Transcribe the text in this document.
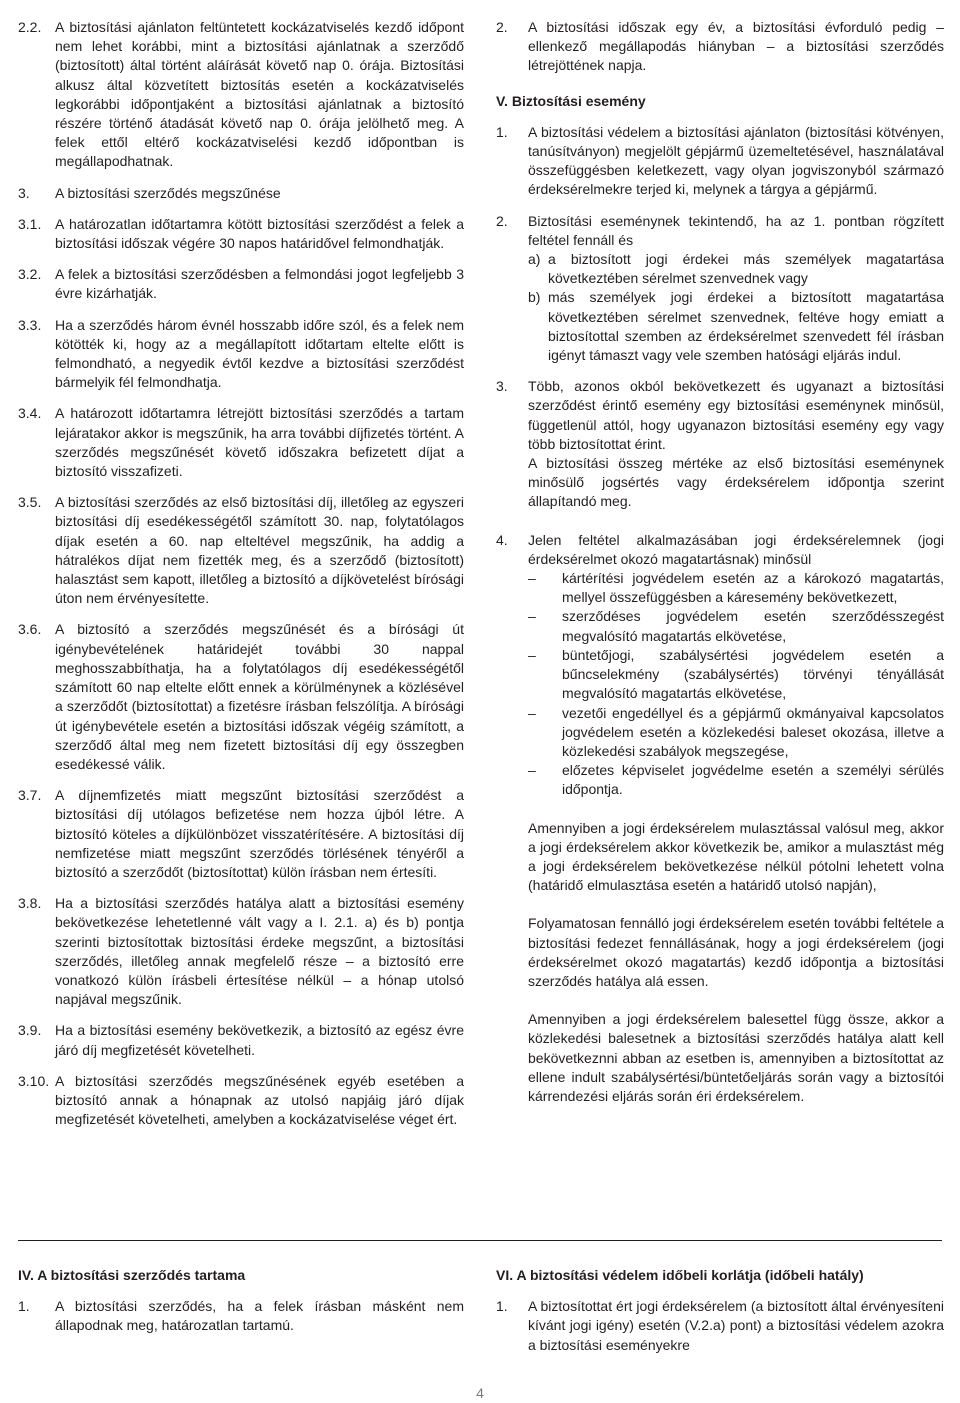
2.2. A biztosítási ajánlaton feltüntetett kockázatviselés kezdő időpont nem lehet korábbi, mint a biztosítási ajánlatnak a szerződő (biztosított) által történt aláírását követő nap 0. órája. Biztosítási alkusz által közvetített biztosítás esetén a kockázatviselés legkorábbi időpontjaként a biztosítási ajánlatnak a biztosító részére történő átadását követő nap 0. órája jelölhető meg. A felek ettől eltérő kockázatviselési kezdő időpontban is megállapodhatnak.
3.	A biztosítási szerződés megszűnése
3.1. A határozatlan időtartamra kötött biztosítási szerződést a felek a biztosítási időszak végére 30 napos határidővel felmondhatják.
3.2. A felek a biztosítási szerződésben a felmondási jogot legfeljebb 3 évre kizárhatják.
3.3. Ha a szerződés három évnél hosszabb időre szól, és a felek nem kötötték ki, hogy az a megállapított időtartam eltelte előtt is felmondható, a negyedik évtől kezdve a biztosítási szerződést bármelyik fél felmondhatja.
3.4. A határozott időtartamra létrejött biztosítási szerződés a tartam lejáratakor akkor is megszűnik, ha arra további díjfizetés történt. A szerződés megszűnését követő időszakra befizetett díjat a biztosító visszafizeti.
3.5. A biztosítási szerződés az első biztosítási díj, illetőleg az egyszeri biztosítási díj esedékességétől számított 30. nap, folytatólagos díjak esetén a 60. nap elteltével megszűnik, ha addig a hátralékos díjat nem fizették meg, és a szerződő (biztosított) halasztást sem kapott, illetőleg a biztosító a díjkövetelést bírósági úton nem érvényesítette.
3.6. A biztosító a szerződés megszűnését és a bírósági út igénybevételének határidejét további 30 nappal meghosszabbíthatja, ha a folytatólagos díj esedékességétől számított 60 nap eltelte előtt ennek a körülménynek a közlésével a szerződőt (biztosítottat) a fizetésre írásban felszólítja. A bírósági út igénybevétele esetén a biztosítási időszak végéig számított, a szerződő által meg nem fizetett biztosítási díj egy összegben esedékessé válik.
3.7. A díjnemfizetés miatt megszűnt biztosítási szerződést a biztosítási díj utólagos befizetése nem hozza újból létre. A biztosító köteles a díjkülönbözet visszatérítésére. A biztosítási díj nemfizetése miatt megszűnt szerződés törlésének tényéről a biztosító a szerződőt (biztosítottat) külön írásban nem értesíti.
3.8. Ha a biztosítási szerződés hatálya alatt a biztosítási esemény bekövetkezése lehetetlenné vált vagy a I. 2.1. a) és b) pontja szerinti biztosítottak biztosítási érdeke megszűnt, a biztosítási szerződés, illetőleg annak megfelelő része – a biztosító erre vonatkozó külön írásbeli értesítése nélkül – a hónap utolsó napjával megszűnik.
3.9. Ha a biztosítási esemény bekövetkezik, a biztosító az egész évre járó díj megfizetését követelheti.
3.10. A biztosítási szerződés megszűnésének egyéb esetében a biztosító annak a hónapnak az utolsó napjáig járó díjak megfizetését követelheti, amelyben a kockázatviselése véget ért.
2.	A biztosítási időszak egy év, a biztosítási évforduló pedig – ellenkező megállapodás hiányban – a biztosítási szerződés létrejöttének napja.
V. Biztosítási esemény
1.	A biztosítási védelem a biztosítási ajánlaton (biztosítási kötvényen, tanúsítványon) megjelölt gépjármű üzemeltetésével, használatával összefüggésben keletkezett, vagy olyan jogviszonyból származó érdeksérelmekre terjed ki, melynek a tárgya a gépjármű.
2.	Biztosítási eseménynek tekintendő, ha az 1. pontban rögzített feltétel fennáll és
a) a biztosított jogi érdekei más személyek magatartása következtében sérelmet szenvednek vagy
b) más személyek jogi érdekei a biztosított magatartása következtében sérelmet szenvednek, feltéve hogy emiatt a biztosítottal szemben az érdeksérelmet szenvedett fél írásban igényt támaszt vagy vele szemben hatósági eljárás indul.
3.	Több, azonos okból bekövetkezett és ugyanazt a biztosítási szerződést érintő esemény egy biztosítási eseménynek minősül, függetlenül attól, hogy ugyanazon biztosítási esemény egy vagy több biztosítottat érint.
A biztosítási összeg mértéke az első biztosítási eseménynek minősülő jogsértés vagy érdeksérelem időpontja szerint állapítandó meg.
4.	Jelen feltétel alkalmazásában jogi érdeksérelemnek (jogi érdeksérelmet okozó magatartásnak) minősül
–	kártérítési jogvédelem esetén az a károkozó magatartás, mellyel összefüggésben a káresemény bekövetkezett,
–	szerződéses jogvédelem esetén szerződésszegést megvalósító magatartás elkövetése,
–	büntetőjogi, szabálysértési jogvédelem esetén a bűncselekmény (szabálysértés) törvényi tényállását megvalósító magatartás elkövetése,
–	vezetői engedéllyel és a gépjármű okmányaival kapcsolatos jogvédelem esetén a közlekedési baleset okozása, illetve a közlekedési szabályok megszegése,
–	előzetes képviselet jogvédelme esetén a személyi sérülés időpontja.
Amennyiben a jogi érdeksérelem mulasztással valósul meg, akkor a jogi érdeksérelem akkor következik be, amikor a mulasztást még a jogi érdeksérelem bekövetkezése nélkül pótolni lehetett volna (határidő elmulasztása esetén a határidő utolsó napján),
Folyamatosan fennálló jogi érdeksérelem esetén további feltétele a biztosítási fedezet fennállásának, hogy a jogi érdeksérelem (jogi érdeksérelmet okozó magatartás) kezdő időpontja a biztosítási szerződés hatálya alá essen.
Amennyiben a jogi érdeksérelem balesettel függ össze, akkor a közlekedési balesetnek a biztosítási szerződés hatálya alatt kell bekövetkeznni abban az esetben is, amennyiben a biztosítottat az ellene indult szabálysértési/büntetőeljárás során vagy a biztosítói kárrendezési eljárás során éri érdeksérelem.
IV. A biztosítási szerződés tartama
1.	A biztosítási szerződés, ha a felek írásban másként nem állapodnak meg, határozatlan tartamú.
VI. A biztosítási védelem időbeli korlátja (időbeli hatály)
1.	A biztosítottat ért jogi érdeksérelem (a biztosított által érvényesíteni kívánt jogi igény) esetén (V.2.a) pont) a biztosítási védelem azokra a biztosítási eseményekre
4
